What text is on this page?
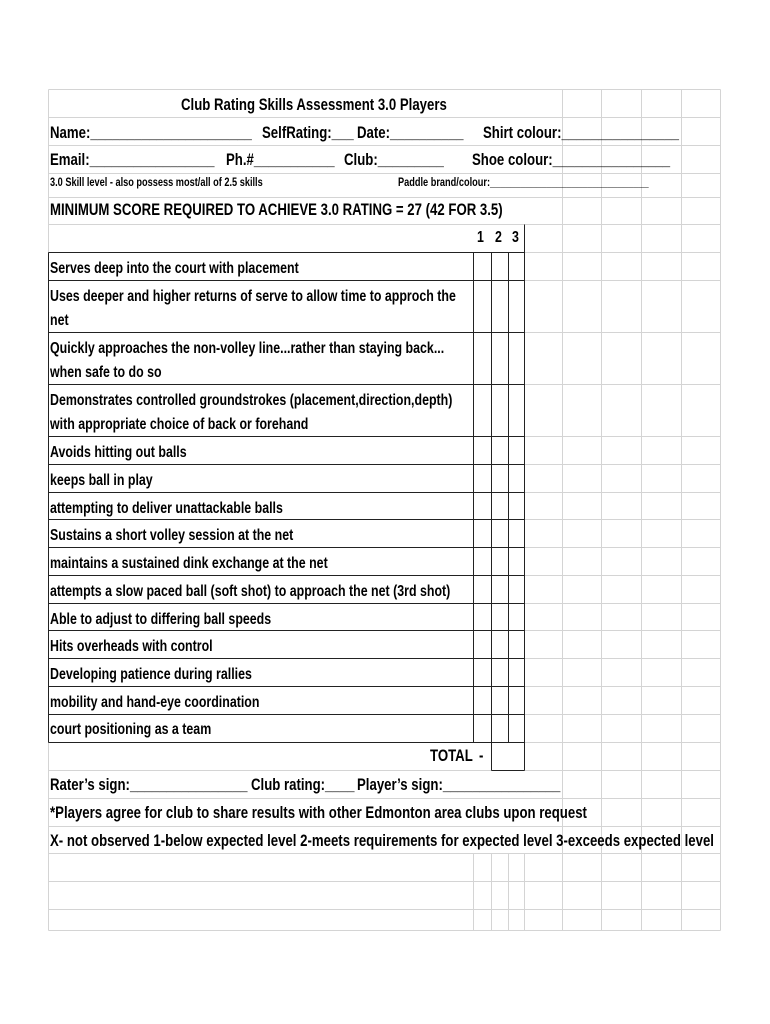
Club Rating Skills Assessment 3.0 Players
Name:______________________ SelfRating:___ Date:__________ Shirt colour:________________
Email:_________________ Ph.#___________ Club:_________ Shoe colour:________________
3.0 Skill level - also possess most/all of 2.5 skills	Paddle brand/colour:_______________________________
MINIMUM SCORE REQUIRED TO ACHIEVE 3.0 RATING = 27 (42 FOR 3.5)
1 2 3
Serves deep into the court with placement
Uses deeper and higher returns of serve to allow time to approch the
net
Quickly approaches the non-volley line...rather than staying back...
when safe to do so
Demonstrates controlled groundstrokes (placement,direction,depth)
with appropriate choice of back or forehand
Avoids hitting out balls
keeps ball in play
attempting to deliver unattackable balls
Sustains a short volley session at the net
maintains a sustained dink exchange at the net
attempts a slow paced ball (soft shot) to approach the net (3rd shot)
Able to adjust to differing ball speeds
Hits overheads with control
Developing patience during rallies
mobility and hand-eye coordination
court positioning as a team
TOTAL -
Rater’s sign:________________ Club rating:____ Player’s sign:________________
*Players agree for club to share results with other Edmonton area clubs upon request
X- not observed 1-below expected level 2-meets requirements for expected level 3-exceeds expected level
